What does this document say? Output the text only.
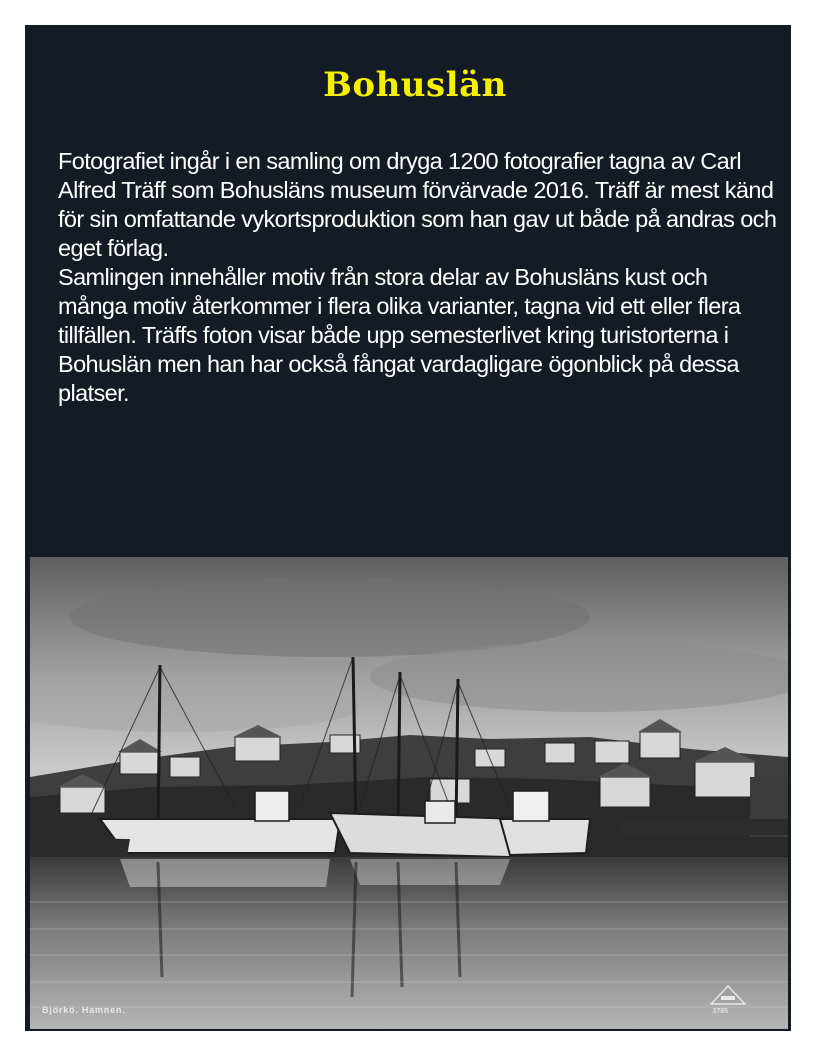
Bohuslän

Fotografiet ingår i en samling om dryga 1200 fotografier tagna av Carl Alfred Träff som Bohusläns museum förvärvade 2016. Träff är mest känd för sin omfattande vykortsproduktion som han gav ut både på andras och eget förlag.

Samlingen innehåller motiv från stora delar av Bohusläns kust och många motiv återkommer i flera olika varianter, tagna vid ett eller flera tillfällen. Träffs foton visar både upp semesterlivet kring turistorterna i Bohuslän men han har också fångat vardagligare ögonblick på dessa platser.

Björkö. Hamnen.	3785
